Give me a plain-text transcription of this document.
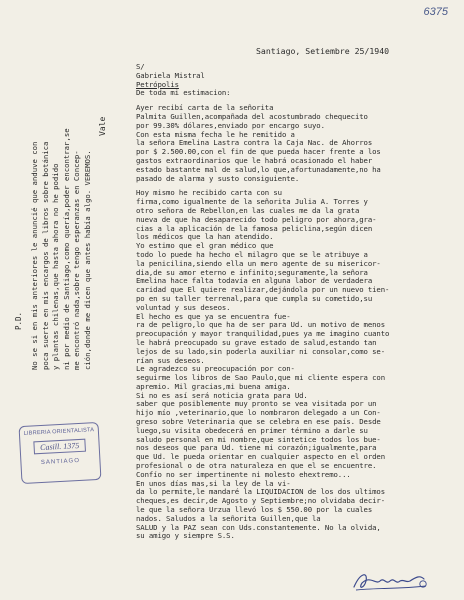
6375
Santiago, Setiembre 25/1940
S/
Gabriela Mistral
Petrópolis
De toda mi estimacion:
Ayer recibí carta de la señorita
Palmita Guillen,acompañada del acostumbrado chequecito
por 99.30% dólares,enviado por encargo suyo.
Con esta misma fecha le he remitido a
la señora Emelina Lastra contra la Caja Nac. de Ahorros
por $ 2.500.00,con el fin de que pueda hacer frente a los
gastos extraordinarios que le habrá ocasionado el haber
estado bastante mal de salud,lo que,afortunadamente,no ha
pasado de alarma y susto consiguiente.
Hoy mismo he recibido carta con su
firma,como igualmente de la señorita Julia A. Torres y
otro señora de Rebellon,en las cuales me da la grata
nueva de que ha desaparecido todo peligro por ahora,gra-
cias a la aplicación de la famosa peliclina,según dicen
los médicos que la han atendido.
Yo estimo que el gran médico que
todo lo puede ha hecho el milagro que se le atribuye a
la penicilina,siendo ella un mero agente de su misericor-
dia,de su amor eterno e infinito;seguramente,la señora
Emelina hace falta todavía en alguna labor de verdadera
caridad que El quiere realizar,dejándola por un nuevo tien-
po en su taller terrenal,para que cumpla su cometido,su
voluntad y sus deseos.
El hecho es que ya se encuentra fue-
ra de peligro,lo que ha de ser para Ud. un motivo de menos
preocupación y mayor tranquilidad,pues ya me imagino cuanto
le habrá preocupado su grave estado de salud,estando tan
lejos de su lado,sin poderla auxiliar ni consolar,como se-
rían sus deseos.
Le agradezco su preocupación por con-
seguirme los libros de Sao Paulo,que mi cliente espera con
apremio. Mil gracias,mi buena amiga.
Si no es así será noticia grata para Ud.
saber que posiblemente muy pronto se vea visitada por un
hijo mío ,veterinario,que lo nombraron delegado a un Con-
greso sobre Veterinaria que se celebra en ese país. Desde
luego,su visita obedecerá en primer término a darle su
saludo personal en mi nombre,que sintetice todos los bue-
nos deseos que para Ud. tiene mi corazón;igualmente,para
que Ud. le pueda orientar en cualquier aspecto en el orden
profesional o de otra naturaleza en que el se encuentre.
Confío no ser impertinente ni molesto ehextremo...
En unos días mas,si la ley de la vi-
da lo permite,le mandaré la LIQUIDACION de los dos ultimos
cheques,es decir,de Agosto y Septiembre;no olvidaba decir-
le que la señora Urzua llevó los $ 550.00 por la cuales
nados. Saludos a la señorita Guillen,que la
SALUD y la PAZ sean con Uds.constantemente. No la olvida,
su amigo y siempre S.S.
P.D. No se si en mis anteriores le anuncié que anduve con poca suerte en mis encargos de libros sobre botánica y plantas chilenas,que hasta ahora no he podido ni por medio de Santiago,como quería,poder encontrar,se me encontró nada,sobre tengo esperanzas en Concep- ción,donde me dicen que antes había algo. VEREMOS.
Vale
LIBRERIA ORIENTALISTA
Casill. 1375
SANTIAGO
